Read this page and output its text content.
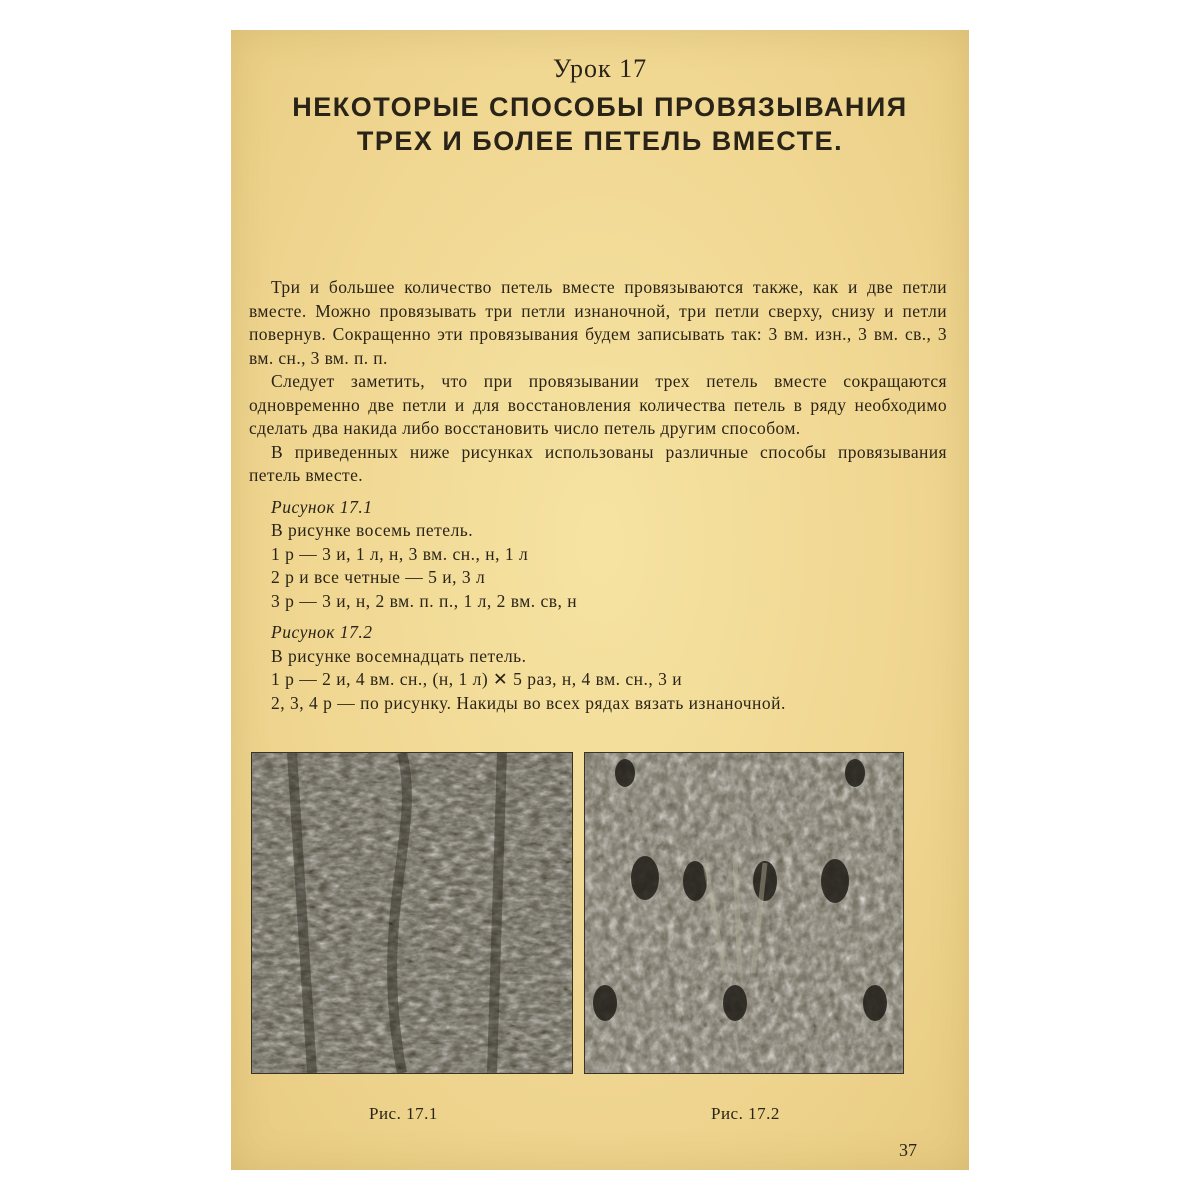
Урок 17
НЕКОТОРЫЕ СПОСОБЫ ПРОВЯЗЫВАНИЯ
ТРЕХ И БОЛЕЕ ПЕТЕЛЬ ВМЕСТЕ.

Три и большее количество петель вместе провязываются также, как и две петли вместе. Можно провязывать три петли изнаночной, три петли сверху, снизу и петли повернув. Сокращенно эти провязывания будем записывать так: 3 вм. изн., 3 вм. св., 3 вм. сн., 3 вм. п. п.

Следует заметить, что при провязывании трех петель вместе сокращаются одновременно две петли и для восстановления количества петель в ряду необходимо сделать два накида либо восстановить число петель другим способом.

В приведенных ниже рисунках использованы различные способы провязывания петель вместе.

Рисунок 17.1
В рисунке восемь петель.
1 р — 3 и, 1 л, н, 3 вм. сн., н, 1 л
2 р и все четные — 5 и, 3 л
3 р — 3 и, н, 2 вм. п. п., 1 л, 2 вм. св, н
Рисунок 17.2
В рисунке восемнадцать петель.
1 р — 2 и, 4 вм. сн., (н, 1 л) ✕ 5 раз, н, 4 вм. сн., 3 и
2, 3, 4 р — по рисунку. Накиды во всех рядах вязать изнаночной.
Рис. 17.1	Рис. 17.2
37
